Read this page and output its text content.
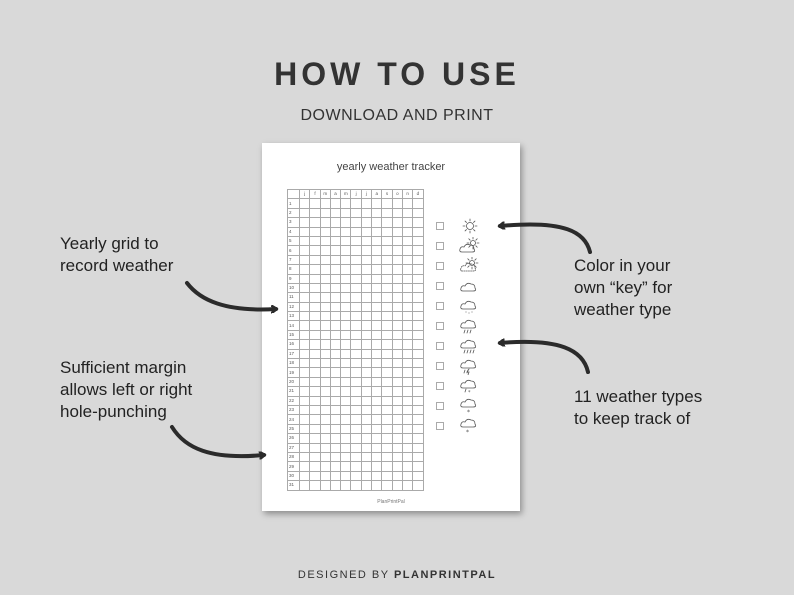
HOW TO USE
DOWNLOAD AND PRINT
Yearly grid to
record weather
Sufficient margin
allows left or right
hole-punching
Color in your
own “key” for
weather type
11 weather types
to keep track of
yearly weather tracker
	j	f	m	a	m	j	j	a	s	o	n	d
1												
2												
3												
4												
5												
6												
7												
8												
9												
10												
11												
12												
13												
14												
15												
16												
17												
18												
19												
20												
21												
22												
23												
24												
25												
26												
27												
28												
29												
30												
31												
*
*
*
PlanPrintPal
DESIGNED BY PLANPRINTPAL
